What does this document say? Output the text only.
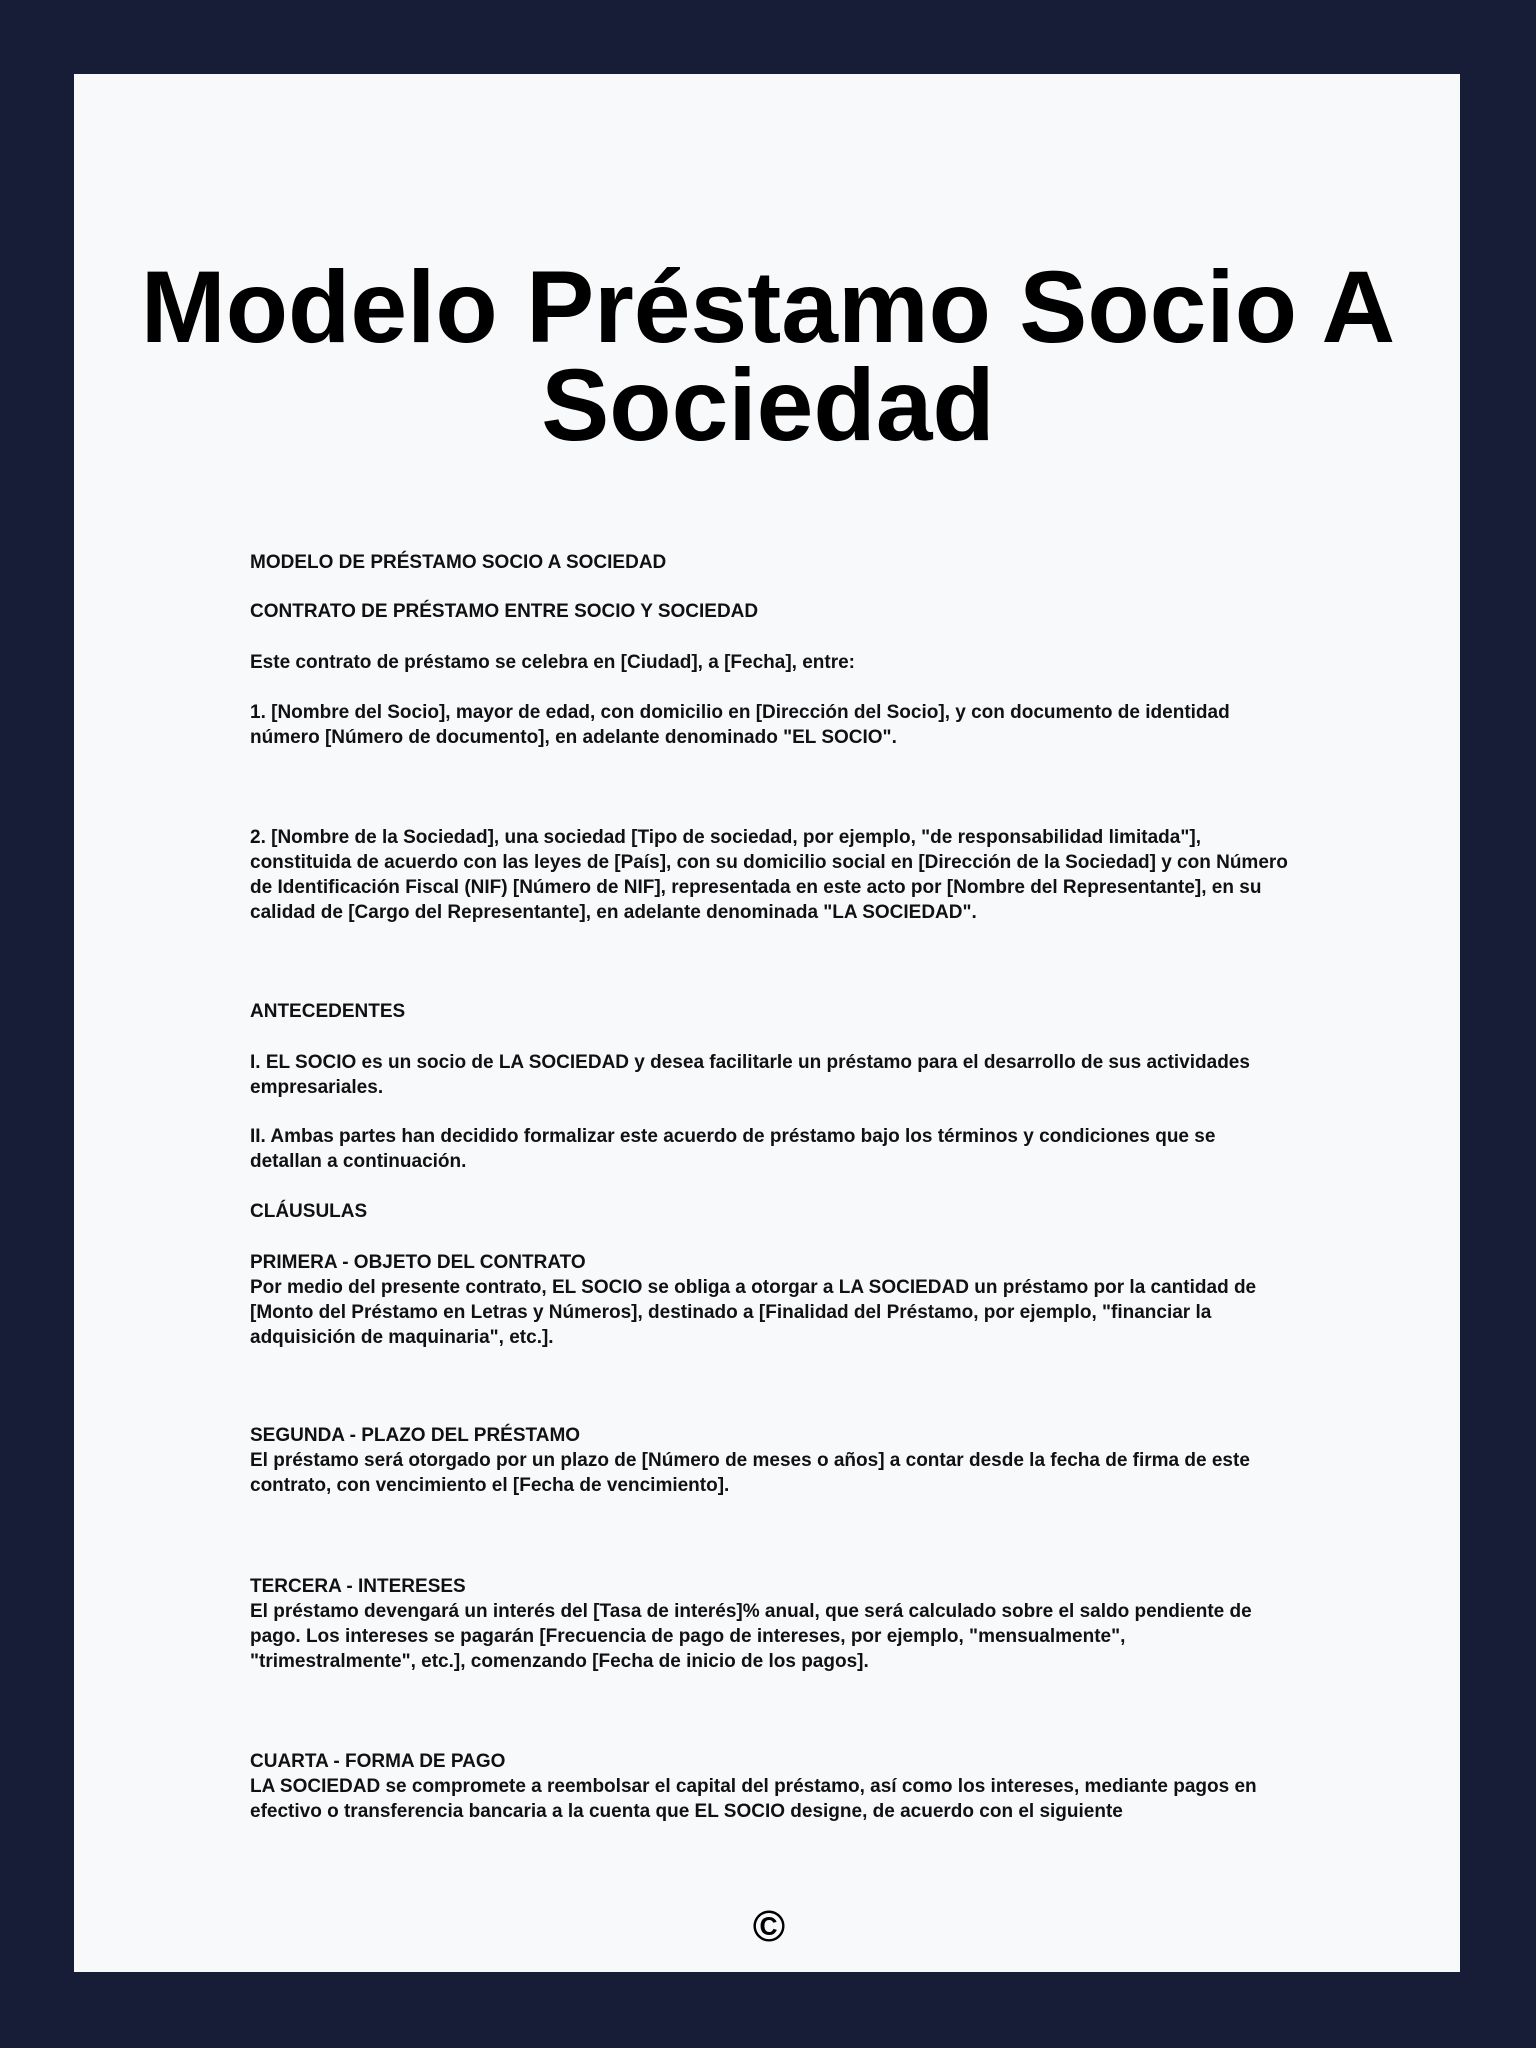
Modelo Préstamo Socio A Sociedad

MODELO DE PRÉSTAMO SOCIO A SOCIEDAD

CONTRATO DE PRÉSTAMO ENTRE SOCIO Y SOCIEDAD

Este contrato de préstamo se celebra en [Ciudad], a [Fecha], entre:

1. [Nombre del Socio], mayor de edad, con domicilio en [Dirección del Socio], y con documento de identidad número [Número de documento], en adelante denominado "EL SOCIO".

2. [Nombre de la Sociedad], una sociedad [Tipo de sociedad, por ejemplo, "de responsabilidad limitada"], constituida de acuerdo con las leyes de [País], con su domicilio social en [Dirección de la Sociedad] y con Número de Identificación Fiscal (NIF) [Número de NIF], representada en este acto por [Nombre del Representante], en su calidad de [Cargo del Representante], en adelante denominada "LA SOCIEDAD".

ANTECEDENTES

I. EL SOCIO es un socio de LA SOCIEDAD y desea facilitarle un préstamo para el desarrollo de sus actividades empresariales.

II. Ambas partes han decidido formalizar este acuerdo de préstamo bajo los términos y condiciones que se detallan a continuación.

CLÁUSULAS

PRIMERA - OBJETO DEL CONTRATO
Por medio del presente contrato, EL SOCIO se obliga a otorgar a LA SOCIEDAD un préstamo por la cantidad de [Monto del Préstamo en Letras y Números], destinado a [Finalidad del Préstamo, por ejemplo, "financiar la adquisición de maquinaria", etc.].
SEGUNDA - PLAZO DEL PRÉSTAMO
El préstamo será otorgado por un plazo de [Número de meses o años] a contar desde la fecha de firma de este contrato, con vencimiento el [Fecha de vencimiento].
TERCERA - INTERESES
El préstamo devengará un interés del [Tasa de interés]% anual, que será calculado sobre el saldo pendiente de pago. Los intereses se pagarán [Frecuencia de pago de intereses, por ejemplo, "mensualmente", "trimestralmente", etc.], comenzando [Fecha de inicio de los pagos].
CUARTA - FORMA DE PAGO
LA SOCIEDAD se compromete a reembolsar el capital del préstamo, así como los intereses, mediante pagos en efectivo o transferencia bancaria a la cuenta que EL SOCIO designe, de acuerdo con el siguiente
©
